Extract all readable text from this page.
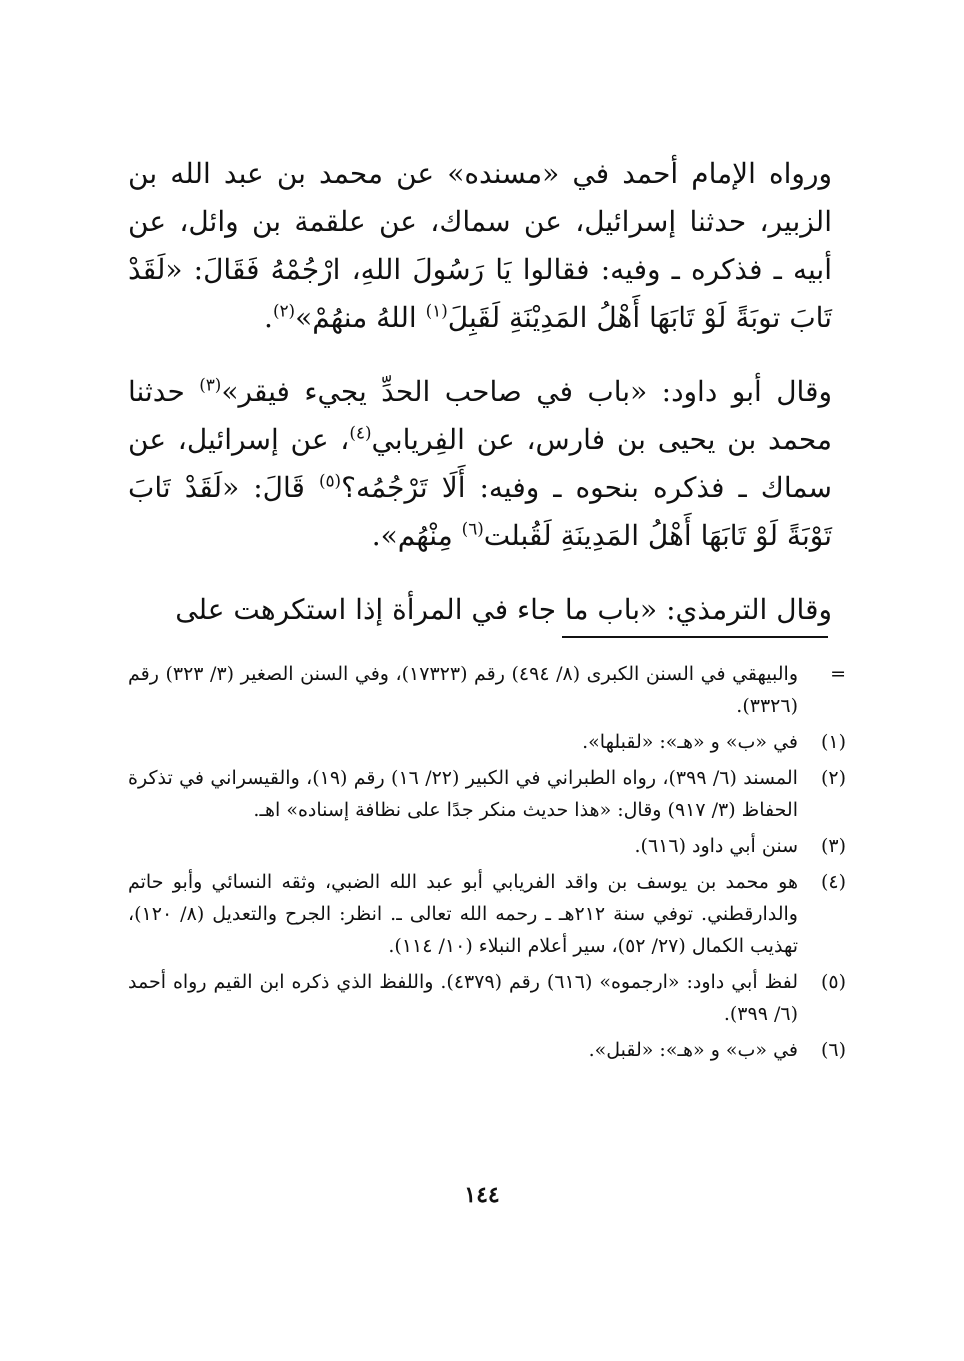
ورواه الإمام أحمد في «مسنده» عن محمد بن عبد الله بن الزبير، حدثنا إسرائيل، عن سماك، عن علقمة بن وائل، عن أبيه ـ فذكره ـ وفيه: فقالوا يَا رَسُولَ اللهِ، ارْجُمْهُ فَقَالَ: «لَقَدْ تَابَ توبَةً لَوْ تَابَهَا أَهْلُ المَدِيْنَةِ لَقَبِلَ$^{(١)}$ اللهُ منهُمْ»$^{(٢)}$.

وقال أبو داود: «باب في صاحب الحدِّ يجيء فيقر»$^{(٣)}$ حدثنا محمد بن يحيى بن فارس، عن الفِريابي$^{(٤)}$، عن إسرائيل، عن سماك ـ فذكره بنحوه ـ وفيه: أَلَا تَرْجُمُه؟$^{(٥)}$ قَالَ: «لَقَدْ تَابَ تَوْبَةً لَوْ تَابَهَا أَهْلُ المَدِينَةِ لَقُبلت$^{(٦)}$ مِنْهُم».

وقال الترمذي: «باب ما جاء في المرأة إذا استكرهت على

=
والبيهقي في السنن الكبرى (٨/ ٤٩٤) رقم (١٧٣٢٣)، وفي السنن الصغير (٣/ ٣٢٣) رقم (٣٣٢٦).
(١)
في «ب» و «هـ»: «لقبلها».
(٢)
المسند (٦/ ٣٩٩)، رواه الطبراني في الكبير (٢٢/ ١٦) رقم (١٩)، والقيسراني في تذكرة الحفاظ (٣/ ٩١٧) وقال: «هذا حديث منكر جدًا على نظافة إسناده» اهـ.
(٣)
سنن أبي داود (٦١٦).
(٤)
هو محمد بن يوسف بن واقد الفريابي أبو عبد الله الضبي، وثقه النسائي وأبو حاتم والدارقطني. توفي سنة ٢١٢هـ ـ رحمه الله تعالى ـ. انظر: الجرح والتعديل (٨/ ١٢٠)، تهذيب الكمال (٢٧/ ٥٢)، سير أعلام النبلاء (١٠/ ١١٤).
(٥)
لفظ أبي داود: «ارجموه» (٦١٦) رقم (٤٣٧٩). واللفظ الذي ذكره ابن القيم رواه أحمد (٦/ ٣٩٩).
(٦)
في «ب» و «هـ»: «لقبل».
١٤٤
